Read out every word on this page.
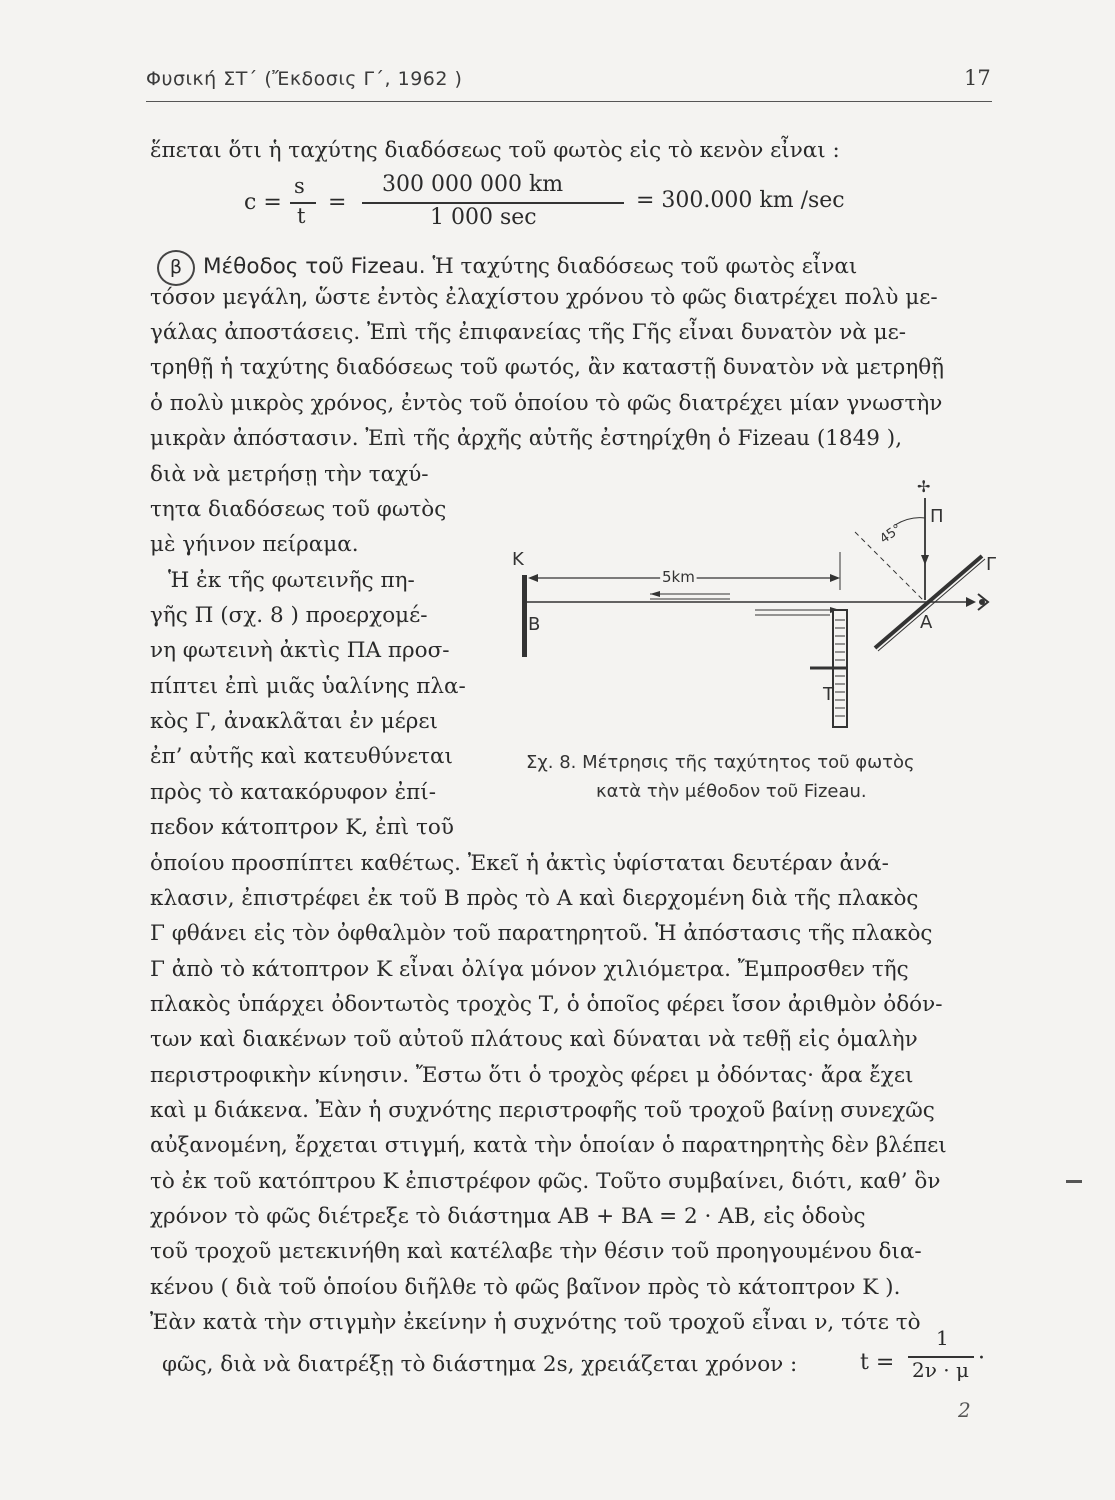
Φυσική ΣΤ΄ (Ἔκδοσις Γ΄, 1962 )	17
ἕπεται ὅτι ἡ ταχύτης διαδόσεως τοῦ φωτὸς εἰς τὸ κενὸν εἶναι :
c =
s
t
=
300 000 000 km
1 000 sec
= 300.000 km /sec
β Μέθοδος τοῦ Fizeau. Ἡ ταχύτης διαδόσεως τοῦ φωτὸς εἶναι
τόσον μεγάλη, ὥστε ἐντὸς ἐλαχίστου χρόνου τὸ φῶς διατρέχει πολὺ με-
γάλας ἀποστάσεις. Ἐπὶ τῆς ἐπιφανείας τῆς Γῆς εἶναι δυνατὸν νὰ με-
τρηθῇ ἡ ταχύτης διαδόσεως τοῦ φωτός, ἂν καταστῇ δυνατὸν νὰ μετρηθῇ
ὁ πολὺ μικρὸς χρόνος, ἐντὸς τοῦ ὁποίου τὸ φῶς διατρέχει μίαν γνωστὴν
μικρὰν ἀπόστασιν. Ἐπὶ τῆς ἀρχῆς αὐτῆς ἐστηρίχθη ὁ Fizeau (1849 ),
διὰ νὰ μετρήσῃ τὴν ταχύ-
τητα διαδόσεως τοῦ φωτὸς
μὲ γήινον πείραμα.
Ἡ ἐκ τῆς φωτεινῆς πη-
γῆς Π (σχ. 8 ) προερχομέ-
νη φωτεινὴ ἀκτὶς ΠΑ προσ-
πίπτει ἐπὶ μιᾶς ὑαλίνης πλα-
κὸς Γ, ἀνακλᾶται ἐν μέρει
ἐπ’ αὐτῆς καὶ κατευθύνεται
πρὸς τὸ κατακόρυφον ἐπί-
πεδον κάτοπτρον Κ, ἐπὶ τοῦ
K
B
5km
T
✢
Π
45°
Γ
A
Σχ. 8. Μέτρησις τῆς ταχύτητος τοῦ φωτὸς
κατὰ τὴν μέθοδον τοῦ Fizeau.
ὁποίου προσπίπτει καθέτως. Ἐκεῖ ἡ ἀκτὶς ὑφίσταται δευτέραν ἀνά-
κλασιν, ἐπιστρέφει ἐκ τοῦ Β πρὸς τὸ Α καὶ διερχομένη διὰ τῆς πλακὸς
Γ φθάνει εἰς τὸν ὀφθαλμὸν τοῦ παρατηρητοῦ. Ἡ ἀπόστασις τῆς πλακὸς
Γ ἀπὸ τὸ κάτοπτρον Κ εἶναι ὀλίγα μόνον χιλιόμετρα. Ἔμπροσθεν τῆς
πλακὸς ὑπάρχει ὀδοντωτὸς τροχὸς Τ, ὁ ὁποῖος φέρει ἴσον ἀριθμὸν ὀδόν-
των καὶ διακένων τοῦ αὐτοῦ πλάτους καὶ δύναται νὰ τεθῇ εἰς ὁμαλὴν
περιστροφικὴν κίνησιν. Ἔστω ὅτι ὁ τροχὸς φέρει μ ὀδόντας· ἄρα ἔχει
καὶ μ διάκενα. Ἐὰν ἡ συχνότης περιστροφῆς τοῦ τροχοῦ βαίνῃ συνεχῶς
αὐξανομένη, ἔρχεται στιγμή, κατὰ τὴν ὁποίαν ὁ παρατηρητὴς δὲν βλέπει
τὸ ἐκ τοῦ κατόπτρου Κ ἐπιστρέφον φῶς. Τοῦτο συμβαίνει, διότι, καθ’ ὃν
χρόνον τὸ φῶς διέτρεξε τὸ διάστημα ΑΒ + ΒΑ = 2 · ΑΒ, εἰς ὁδοὺς
τοῦ τροχοῦ μετεκινήθη καὶ κατέλαβε τὴν θέσιν τοῦ προηγουμένου δια-
κένου ( διὰ τοῦ ὁποίου διῆλθε τὸ φῶς βαῖνον πρὸς τὸ κάτοπτρον Κ ).
Ἐὰν κατὰ τὴν στιγμὴν ἐκείνην ἡ συχνότης τοῦ τροχοῦ εἶναι ν, τότε τὸ
φῶς, διὰ νὰ διατρέξῃ τὸ διάστημα 2s, χρειάζεται χρόνον :	t =
1
2ν · μ ·
2
